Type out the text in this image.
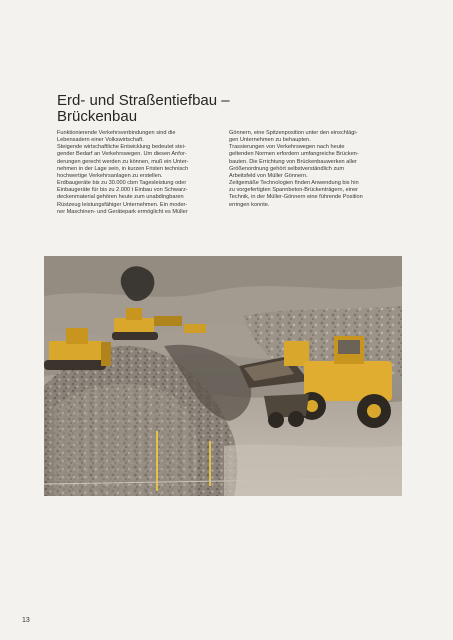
Erd- und Straßentiefbau –
Brückenbau

Funktionierende Verkehrsverbindungen sind die

Lebensadern einer Volkswirtschaft.

Steigende wirtschaftliche Entwicklung bedeutet stei-

gender Bedarf an Verkehrswegen. Um diesen Anfor-

derungen gerecht werden zu können, muß ein Unter-

nehmen in der Lage sein, in kurzen Fristen technisch

hochwertige Verkehrsanlagen zu erstellen.

Erdbaugeräte bis zu 30.000 cbm Tagesleistung oder

Einbaugeräte für bis zu 2.000 t Einbau von Schwarz-

deckenmaterial gehören heute zum unabdingbaren

Rüstzeug leistungsfähiger Unternehmen. Ein moder-

ner Maschinen- und Gerätepark ermöglicht es Müller

Gönnern, eine Spitzenposition unter den einschlägi-

gen Unternehmen zu behaupten.

Trassierungen von Verkehrswegen nach heute

geltenden Normen erfordern umfangreiche Brücken-

bauten. Die Errichtung von Brückenbauwerken aller

Größenordnung gehört selbstverständlich zum

Arbeitsfeld von Müller Gönnern.

Zeitgemäße Technologien finden Anwendung bis hin

zu vorgefertigten Spannbeton-Brückenträgern, einer

Technik, in der Müller-Gönnern eine führende Position

erringen konnte.

13
